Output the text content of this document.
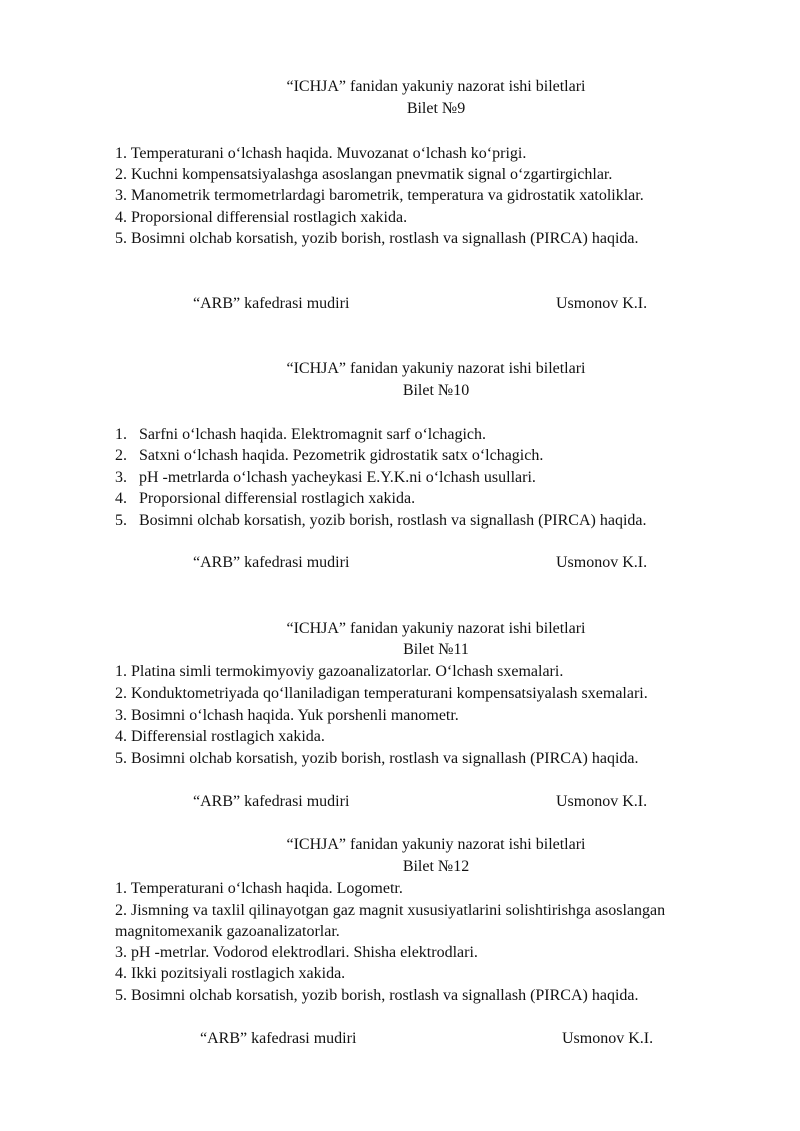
“ICHJA” fanidan yakuniy nazorat ishi biletlari
Bilet №9
1. Temperaturani o‘lchash haqida. Muvozanat o‘lchash ko‘prigi.
2. Kuchni kompensatsiyalashga asoslangan pnevmatik signal o‘zgartirgichlar.
3. Manometrik termometrlardagi barometrik, temperatura va gidrostatik xatoliklar.
4. Proporsional differensial rostlagich xakida.
5. Bosimni olchab korsatish, yozib borish, rostlash va signallash (PIRCA) haqida.
“ARB” kafedrasi mudiri	Usmonov K.I.
“ICHJA” fanidan yakuniy nazorat ishi biletlari
Bilet №10
1. Sarfni o‘lchash haqida. Elektromagnit sarf o‘lchagich.
2. Satxni o‘lchash haqida. Pezometrik gidrostatik satx o‘lchagich.
3. pH -metrlarda o‘lchash yacheykasi E.Y.K.ni o‘lchash usullari.
4. Proporsional differensial rostlagich xakida.
5. Bosimni olchab korsatish, yozib borish, rostlash va signallash (PIRCA) haqida.
“ARB” kafedrasi mudiri	Usmonov K.I.
“ICHJA” fanidan yakuniy nazorat ishi biletlari
Bilet №11
1. Platina simli termokimyoviy gazoanalizatorlar. O‘lchash sxemalari.
2. Konduktometriyada qo‘llaniladigan temperaturani kompensatsiyalash sxemalari.
3. Bosimni o‘lchash haqida. Yuk porshenli manometr.
4. Differensial rostlagich xakida.
5. Bosimni olchab korsatish, yozib borish, rostlash va signallash (PIRCA) haqida.
“ARB” kafedrasi mudiri	Usmonov K.I.
“ICHJA” fanidan yakuniy nazorat ishi biletlari
Bilet №12
1. Temperaturani o‘lchash haqida. Logometr.
2. Jismning va taxlil qilinayotgan gaz magnit xususiyatlarini solishtirishga asoslangan magnitomexanik gazoanalizatorlar.
3. pH -metrlar. Vodorod elektrodlari. Shisha elektrodlari.
4. Ikki pozitsiyali rostlagich xakida.
5. Bosimni olchab korsatish, yozib borish, rostlash va signallash (PIRCA) haqida.
“ARB” kafedrasi mudiri	Usmonov K.I.
